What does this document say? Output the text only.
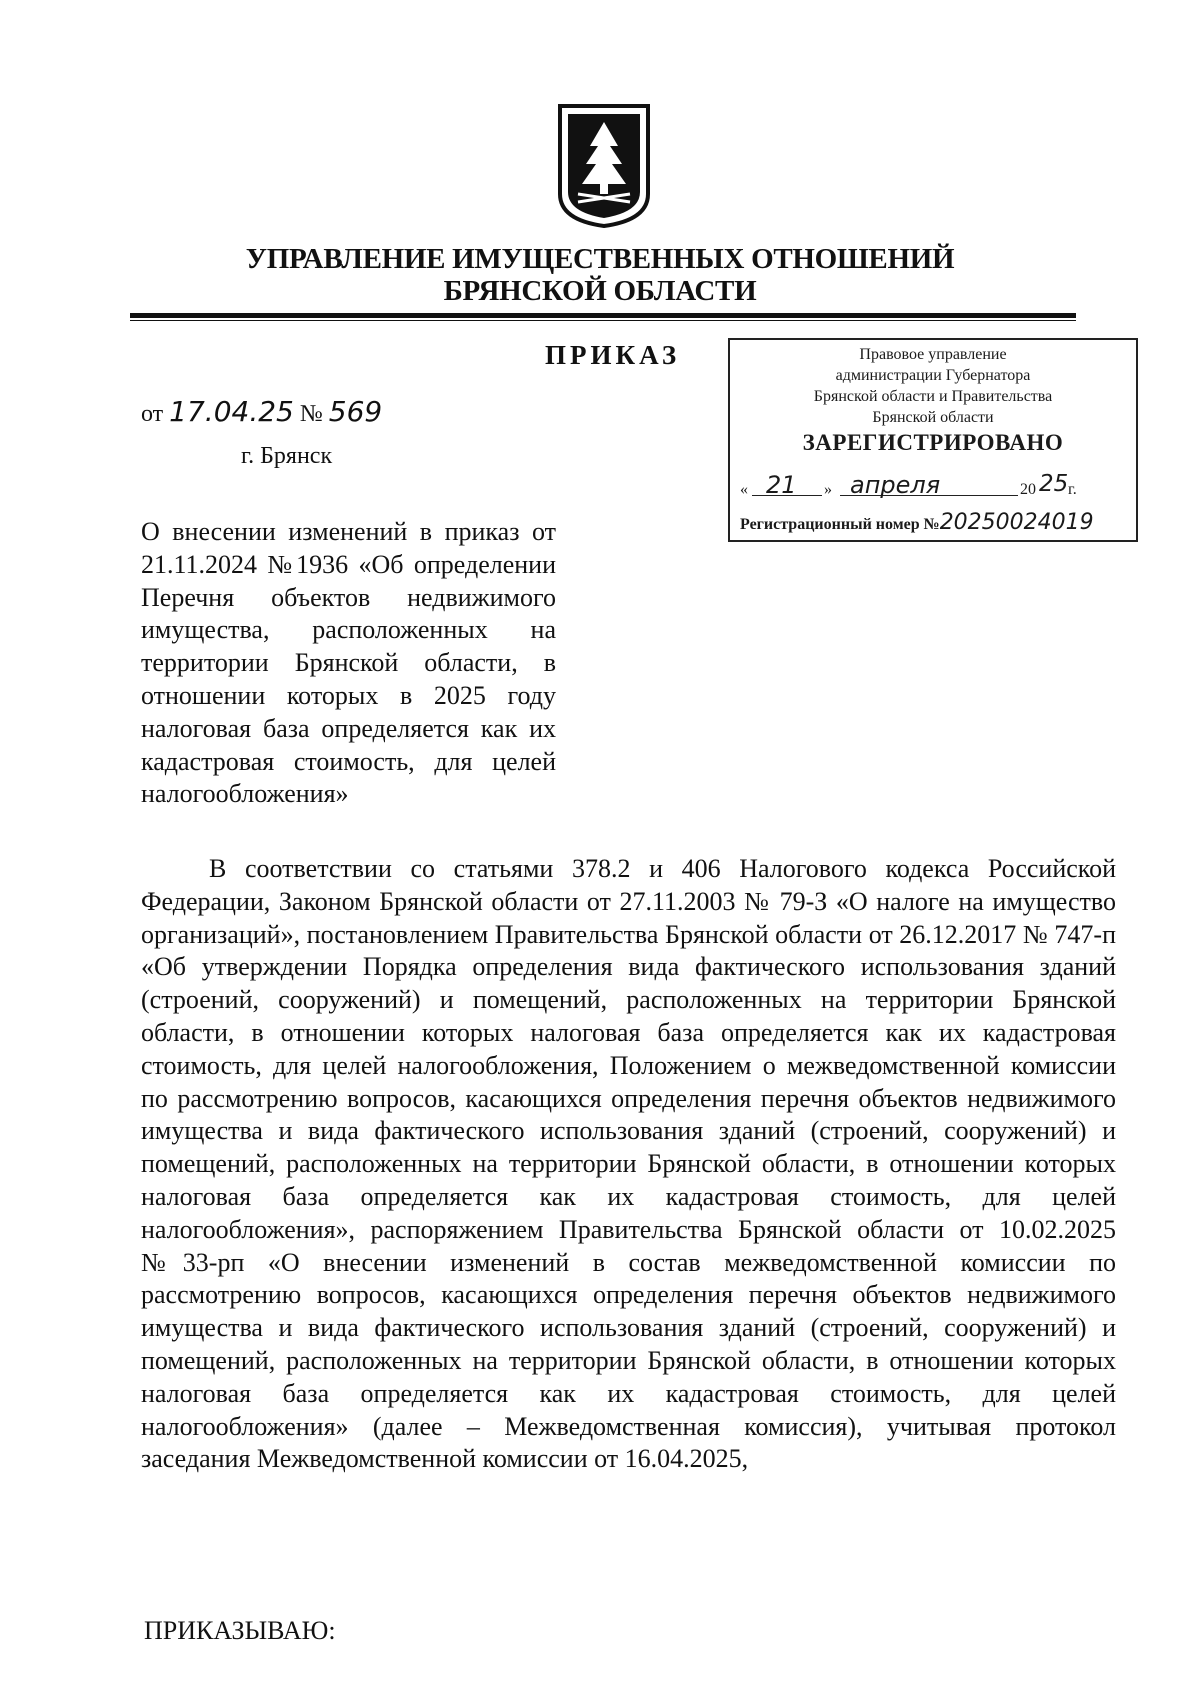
УПРАВЛЕНИЕ ИМУЩЕСТВЕННЫХ ОТНОШЕНИЙ
БРЯНСКОЙ ОБЛАСТИ
ПРИКАЗ	Правовое управление
администрации Губернатора
Брянской области и Правительства
Брянской области
ЗАРЕГИСТРИРОВАНО
« 21 » апреля	20 25 г.
Регистрационный номер №20250024019
от 17.04.25 № 569
г. Брянск
О внесении изменений в приказ от 21.11.2024 №1936 «Об определении Перечня объектов недвижимого имущества, расположенных на территории Брянской области, в отношении которых в 2025 году налоговая база определяется как их кадастровая стоимость, для целей налогообложения»

В соответствии со статьями 378.2 и 406 Налогового кодекса Российской Федерации, Законом Брянской области от 27.11.2003 № 79-З «О налоге на имущество организаций», постановлением Правительства Брянской области от 26.12.2017 № 747-п «Об утверждении Порядка определения вида фактического использования зданий (строений, сооружений) и помещений, расположенных на территории Брянской области, в отношении которых налоговая база определяется как их кадастровая стоимость, для целей налогообложения, Положением о межведомственной комиссии по рассмотрению вопросов, касающихся определения перечня объектов недвижимого имущества и вида фактического использования зданий (строений, сооружений) и помещений, расположенных на территории Брянской области, в отношении которых налоговая база определяется как их кадастровая стоимость, для целей налогообложения», распоряжением Правительства Брянской области от 10.02.2025 №33-рп «О внесении изменений в состав межведомственной комиссии по рассмотрению вопросов, касающихся определения перечня объектов недвижимого имущества и вида фактического использования зданий (строений, сооружений) и помещений, расположенных на территории Брянской области, в отношении которых налоговая база определяется как их кадастровая стоимость, для целей налогообложения» (далее – Межведомственная комиссия), учитывая протокол заседания Межведомственной комиссии от 16.04.2025,

ПРИКАЗЫВАЮ:
